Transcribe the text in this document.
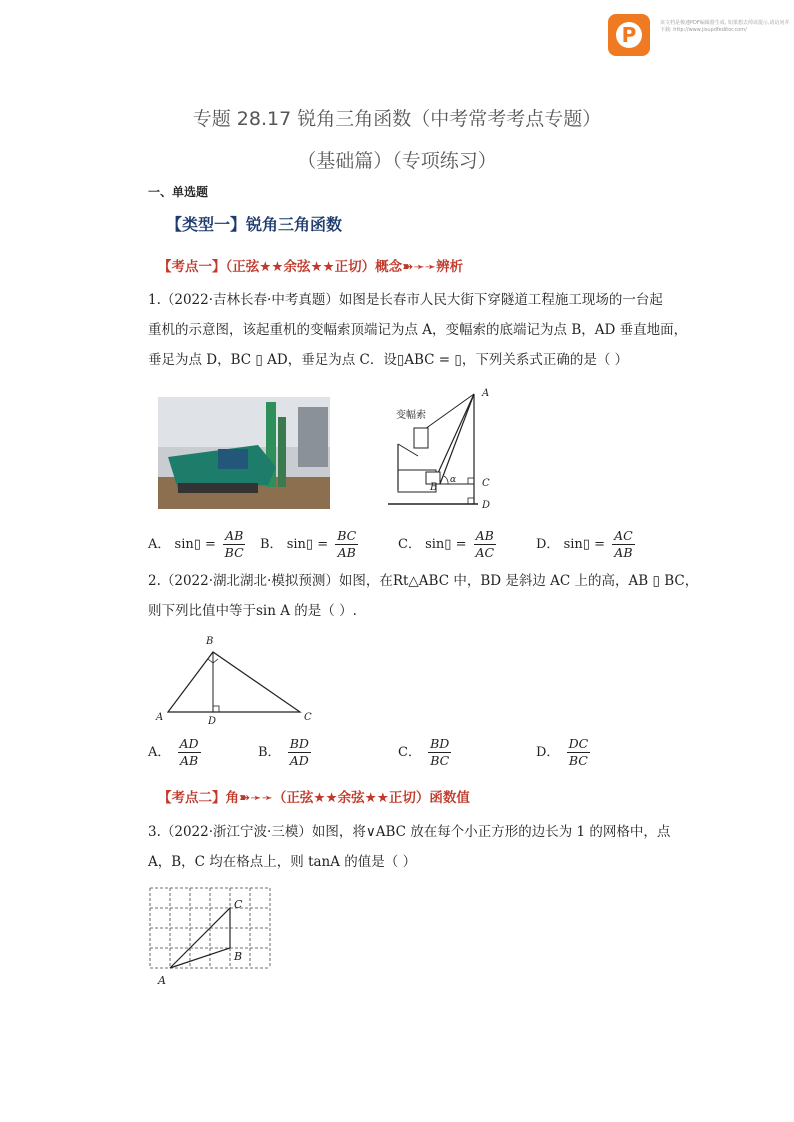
P	该文档是极速PDF编辑器生成, 如果想去掉该提示,请访问并下载: http://www.jisupdfeditor.com/
专题 28.17 锐角三角函数（中考常考考点专题）
（基础篇）（专项练习）
一、单选题
【类型一】锐角三角函数
【考点一】（正弦★★余弦★★正切）概念➽➛➛辨析
1.（2022·吉林长春·中考真题）如图是长春市人民大街下穿隧道工程施工现场的一台起
重机的示意图，该起重机的变幅索顶端记为点 A，变幅索的底端记为点 B，AD 垂直地面，
垂足为点 D，BC ▯ AD，垂足为点 C．设▯ABC = ▯，下列关系式正确的是（ ）
变幅索
A
B	C
D
α
A． sin▯ = $\frac{AB}{BC}$ B． sin▯ = $\frac{BC}{AB}$	C． sin▯ = $\frac{AB}{AC}$	D． sin▯ = $\frac{AC}{AB}$
2.（2022·湖北湖北·模拟预测）如图，在Rt△ABC 中，BD 是斜边 AC 上的高，AB ▯ BC，
则下列比值中等于sin A 的是（ ）.
B
A	D	C
A． $\frac{AD}{AB}$	B． $\frac{BD}{AD}$	C． $\frac{BD}{BC}$	D． $\frac{DC}{BC}$
【考点二】角➽➛➛（正弦★★余弦★★正切）函数值
3.（2022·浙江宁波·三模）如图，将∨ABC 放在每个小正方形的边长为 1 的网格中，点
A，B，C 均在格点上，则 tanA 的值是（ ）
C
B
A
